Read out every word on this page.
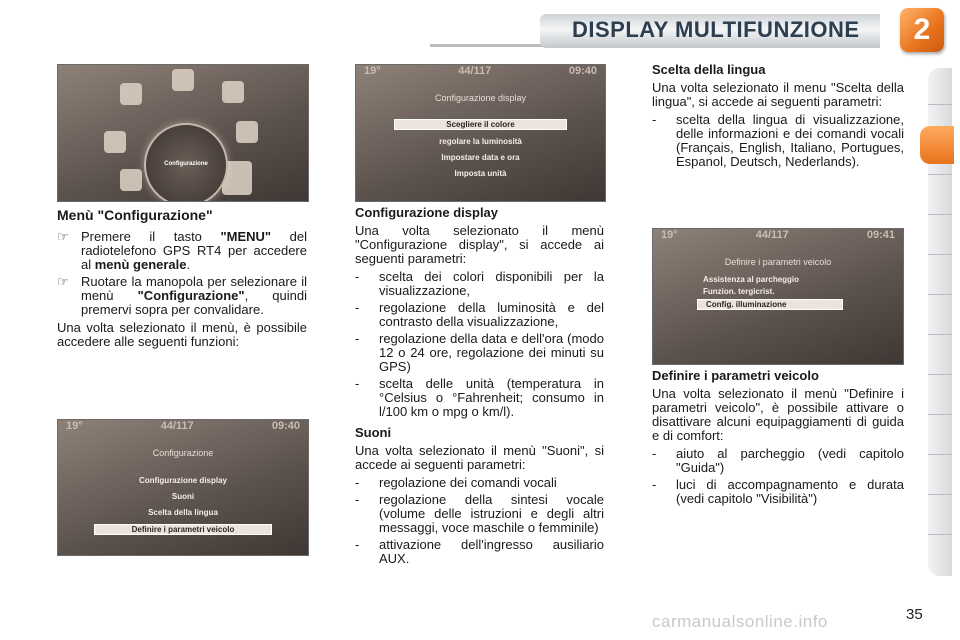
DISPLAY MULTIFUNZIONE	2
Configurazione
19°	44/117	09:40
Configurazione display
Scegliere il colore
regolare la luminosità
Impostare data e ora
Imposta unità
19°	44/117	09:40
Configurazione
Configurazione display
Suoni
Scelta della lingua
Definire i parametri veicolo
19°	44/117	09:41
Definire i parametri veicolo
Assistenza al parcheggio
Funzion. tergicrist.
Config. illuminazione
Menù "Configurazione"
☞ Premere il tasto "MENU" del radiotelefono GPS RT4 per accedere al menù generale.
☞ Ruotare la manopola per selezionare il menù "Configurazione", quindi premervi sopra per convalidare.

Una volta selezionato il menù, è possibile accedere alle seguenti funzioni:

Configurazione display

Una volta selezionato il menù "Configurazione display", si accede ai seguenti parametri:

-	scelta dei colori disponibili per la visualizzazione,
-	regolazione della luminosità e del contrasto della visualizzazione,
-	regolazione della data e dell'ora (modo 12 o 24 ore, regolazione dei minuti su GPS)
-	scelta delle unità (temperatura in °Celsius o °Fahrenheit; consumo in l/100 km o mpg o km/l).
Suoni

Una volta selezionato il menù "Suoni", si accede ai seguenti parametri:

-	regolazione dei comandi vocali
-	regolazione della sintesi vocale (volume delle istruzioni e degli altri messaggi, voce maschile o femminile)
-	attivazione dell'ingresso ausiliario AUX.
Scelta della lingua

Una volta selezionato il menu "Scelta della lingua", si accede ai seguenti parametri:

-	scelta della lingua di visualizzazione, delle informazioni e dei comandi vocali (Français, English, Italiano, Portugues, Espanol, Deutsch, Nederlands).
Definire i parametri veicolo

Una volta selezionato il menù "Definire i parametri veicolo", è possibile attivare o disattivare alcuni equipaggiamenti di guida e di comfort:

-	aiuto al parcheggio (vedi capitolo "Guida")
-	luci di accompagnamento e durata (vedi capitolo "Visibilità")
carmanualsonline.info	35
